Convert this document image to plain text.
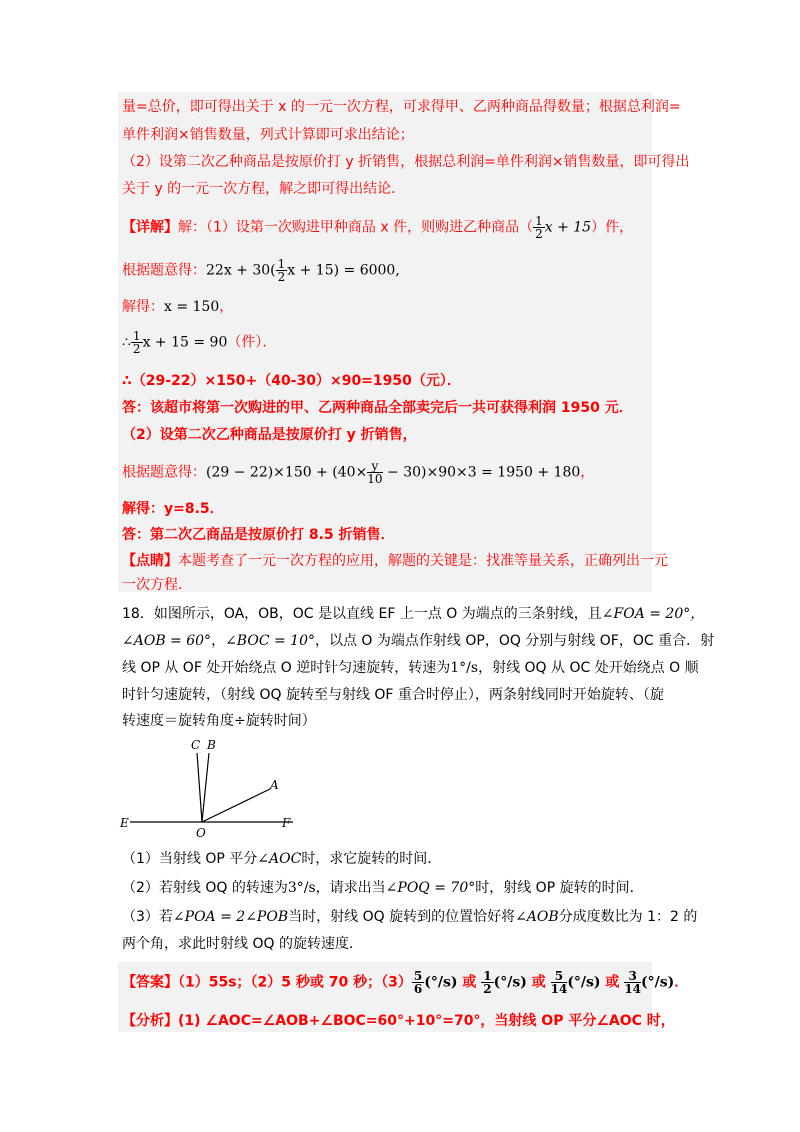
量=总价，即可得出关于 x 的一元一次方程，可求得甲、乙两种商品得数量；根据总利润=
单件利润×销售数量，列式计算即可求出结论；
（2）设第二次乙种商品是按原价打 y 折销售，根据总利润=单件利润×销售数量，即可得出
关于 y 的一元一次方程，解之即可得出结论．
【详解】解：（1）设第一次购进甲种商品 x 件，则购进乙种商品（ $\frac{1}{2}$ x + 15）件，
根据题意得：$22x + 30( \frac{1}{2}$ x + 15) = 6000,
解得：x = 150，
∴ $\frac{1}{2}$ x + 15 = 90（件）．
∴（29-22）×150+（40-30）×90=1950（元）．
答：该超市将第一次购进的甲、乙两种商品全部卖完后一共可获得利润 1950 元．
（2）设第二次乙种商品是按原价打 y 折销售，
根据题意得：$(29 - 22)\times 150 + (40\times \frac{y}{10} - 30)\times 90\times 3 = 1950 + 180$，
解得：y=8.5．
答：第二次乙商品是按原价打 8.5 折销售．
【点睛】本题考查了一元一次方程的应用，解题的关键是：找准等量关系，正确列出一元
一次方程．
18．如图所示，OA，OB，OC 是以直线 EF 上一点 O 为端点的三条射线，且∠FOA = 20°，
∠AOB = 60°，∠BOC = 10°，以点 O 为端点作射线 OP，OQ 分别与射线 OF，OC 重合．射
线 OP 从 OF 处开始绕点 O 逆时针匀速旋转，转速为1°/s，射线 OQ 从 OC 处开始绕点 O 顺
时针匀速旋转，（射线 OQ 旋转至与射线 OF 重合时停止），两条射线同时开始旋转、（旋
转速度＝旋转角度÷旋转时间）
C B
A
E
O
F
（1）当射线 OP 平分∠AOC时，求它旋转的时间．
（2）若射线 OQ 的转速为3°/s，请求出当∠POQ = 70°时，射线 OP 旋转的时间．
（3）若∠POA = 2∠POB当时，射线 OQ 旋转到的位置恰好将∠AOB分成度数比为 1：2 的
两个角，求此时射线 OQ 的旋转速度．
【答案】（1）55s；（2）5 秒或 70 秒；$(3) \frac{5}{6} (^\circ/s)$ 或 $\frac{1}{2} (^\circ/s)$ 或 $\frac{5}{14} (^\circ/s)$ 或 $\frac{3}{14} (^\circ/s)$．
【分析】(1) ∠AOC=∠AOB+∠BOC=60°+10°=70°，当射线 OP 平分∠AOC 时，
